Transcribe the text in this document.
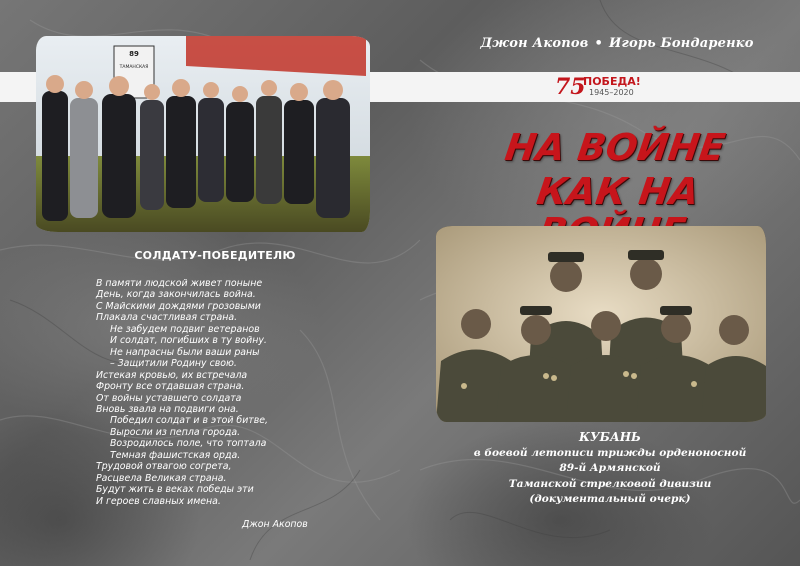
Джон Акопов • Игорь Бондаренко
75
ПОБЕДА!
1945–2020
89
ТАМАНСКАЯ
НА ВОЙНЕ
КАК НА
СОЛДАТУ-ПОБЕДИТЕЛЮ
В памяти людской живет поныне
День, когда закончилась война.
С Майскими дождями грозовыми
Плакала счастливая страна.
Не забудем подвиг ветеранов
И солдат, погибших в ту войну.
Не напрасны были ваши раны
– Защитили Родину свою.
Истекая кровью, их встречала
Фронту все отдавшая страна.
От войны уставшего солдата
Вновь звала на подвиги она.
Победил солдат и в этой битве,
Выросли из пепла города.
Возродилось поле, что топтала
Темная фашистская орда.
Трудовой отвагою согрета,
Расцвела Великая страна.
Будут жить в веках победы эти
И героев славных имена.
Джон Акопов
КУБАНЬ
в боевой летописи трижды орденоносной
89-й Армянской
Таманской стрелковой дивизии
(документальный очерк)
